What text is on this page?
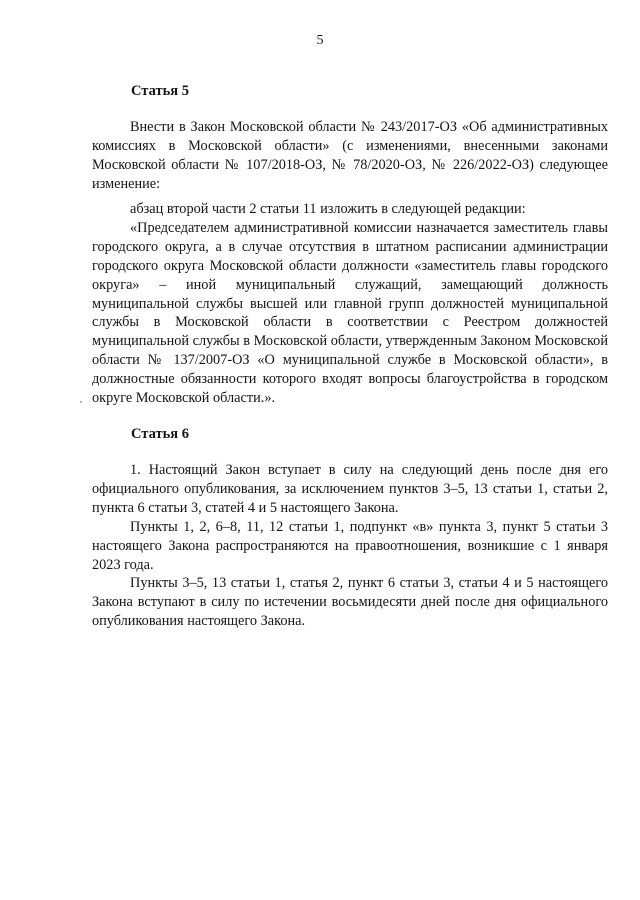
5
Статья 5

Внести в Закон Московской области № 243/2017-ОЗ «Об административных комиссиях в Московской области» (с изменениями, внесенными законами Московской области № 107/2018-ОЗ, № 78/2020-ОЗ, № 226/2022-ОЗ) следующее изменение:

абзац второй части 2 статьи 11 изложить в следующей редакции:

«Председателем административной комиссии назначается заместитель главы городского округа, а в случае отсутствия в штатном расписании администрации городского округа Московской области должности «заместитель главы городского округа» – иной муниципальный служащий, замещающий должность муниципальной службы высшей или главной групп должностей муниципальной службы в Московской области в соответствии с Реестром должностей муниципальной службы в Московской области, утвержденным Законом Московской области № 137/2007-ОЗ «О муниципальной службе в Московской области», в должностные обязанности которого входят вопросы благоустройства в городском округе Московской области.».

Статья 6

1. Настоящий Закон вступает в силу на следующий день после дня его официального опубликования, за исключением пунктов 3–5, 13 статьи 1, статьи 2, пункта 6 статьи 3, статей 4 и 5 настоящего Закона.

Пункты 1, 2, 6–8, 11, 12 статьи 1, подпункт «в» пункта 3, пункт 5 статьи 3 настоящего Закона распространяются на правоотношения, возникшие с 1 января 2023 года.

Пункты 3–5, 13 статьи 1, статья 2, пункт 6 статьи 3, статьи 4 и 5 настоящего Закона вступают в силу по истечении восьмидесяти дней после дня официального опубликования настоящего Закона.
